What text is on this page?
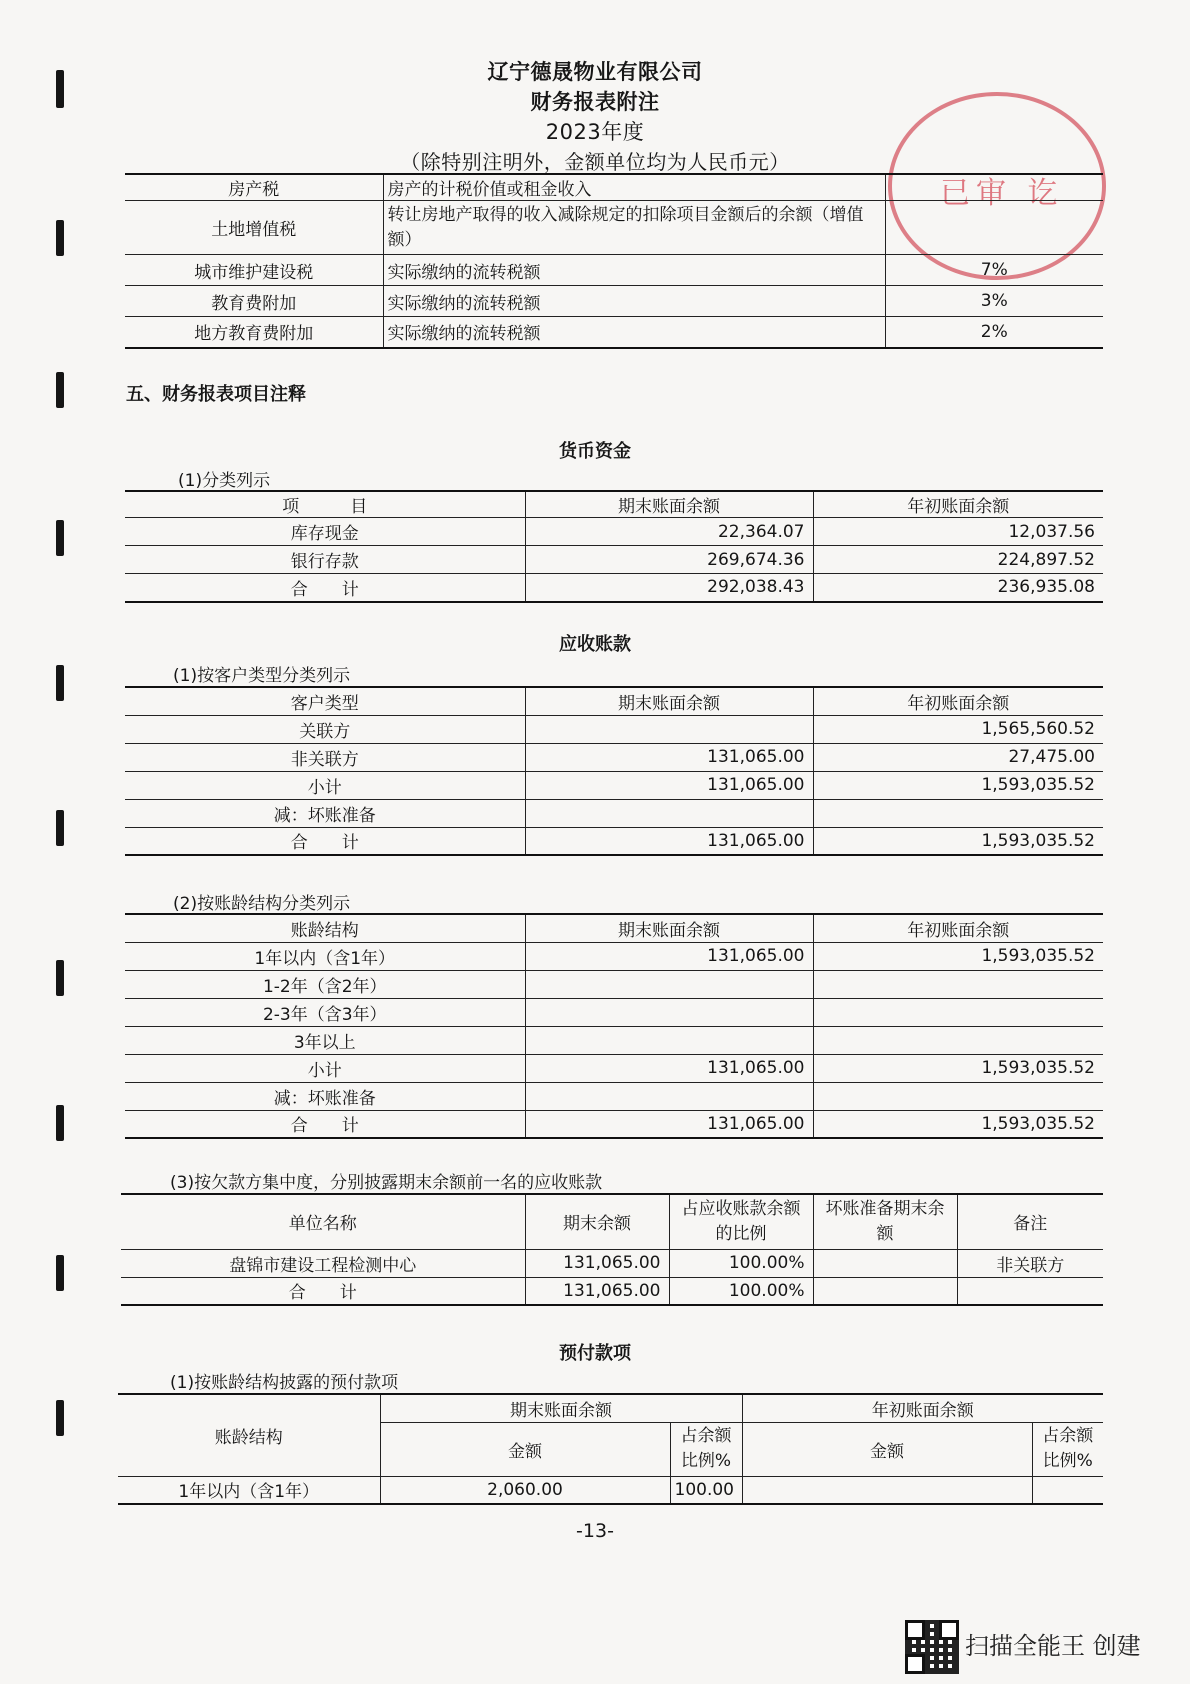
辽宁德晟物业有限公司
财务报表附注
2023年度
（除特别注明外，金额单位均为人民币元）
已审 讫
房产税	房产的计税价值或租金收入	
土地增值税	转让房地产取得的收入减除规定的扣除项目金额后的余额（增值额）	
城市维护建设税	实际缴纳的流转税额	7%
教育费附加	实际缴纳的流转税额	3%
地方教育费附加	实际缴纳的流转税额	2%
五、财务报表项目注释
货币资金
(1)分类列示
项　　　目	期末账面余额	年初账面余额
库存现金	22,364.07	12,037.56
银行存款	269,674.36	224,897.52
合　　计	292,038.43	236,935.08
应收账款
(1)按客户类型分类列示
客户类型	期末账面余额	年初账面余额
关联方		1,565,560.52
非关联方	131,065.00	27,475.00
小计	131,065.00	1,593,035.52
减：坏账准备		
合　　计	131,065.00	1,593,035.52
(2)按账龄结构分类列示
账龄结构	期末账面余额	年初账面余额
1年以内（含1年）	131,065.00	1,593,035.52
1-2年（含2年）		
2-3年（含3年）		
3年以上		
小计	131,065.00	1,593,035.52
减：坏账准备		
合　　计	131,065.00	1,593,035.52
(3)按欠款方集中度，分别披露期末余额前一名的应收账款
单位名称	期末余额	占应收账款余额的比例	坏账准备期末余额	备注
盘锦市建设工程检测中心	131,065.00	100.00%		非关联方
合　　计	131,065.00	100.00%		
预付款项
(1)按账龄结构披露的预付款项
账龄结构	期末账面余额		年初账面余额	
	金额	占余额比例%	金额	占余额比例%
1年以内（含1年）	2,060.00	100.00		
-13-
扫描全能王 创建
